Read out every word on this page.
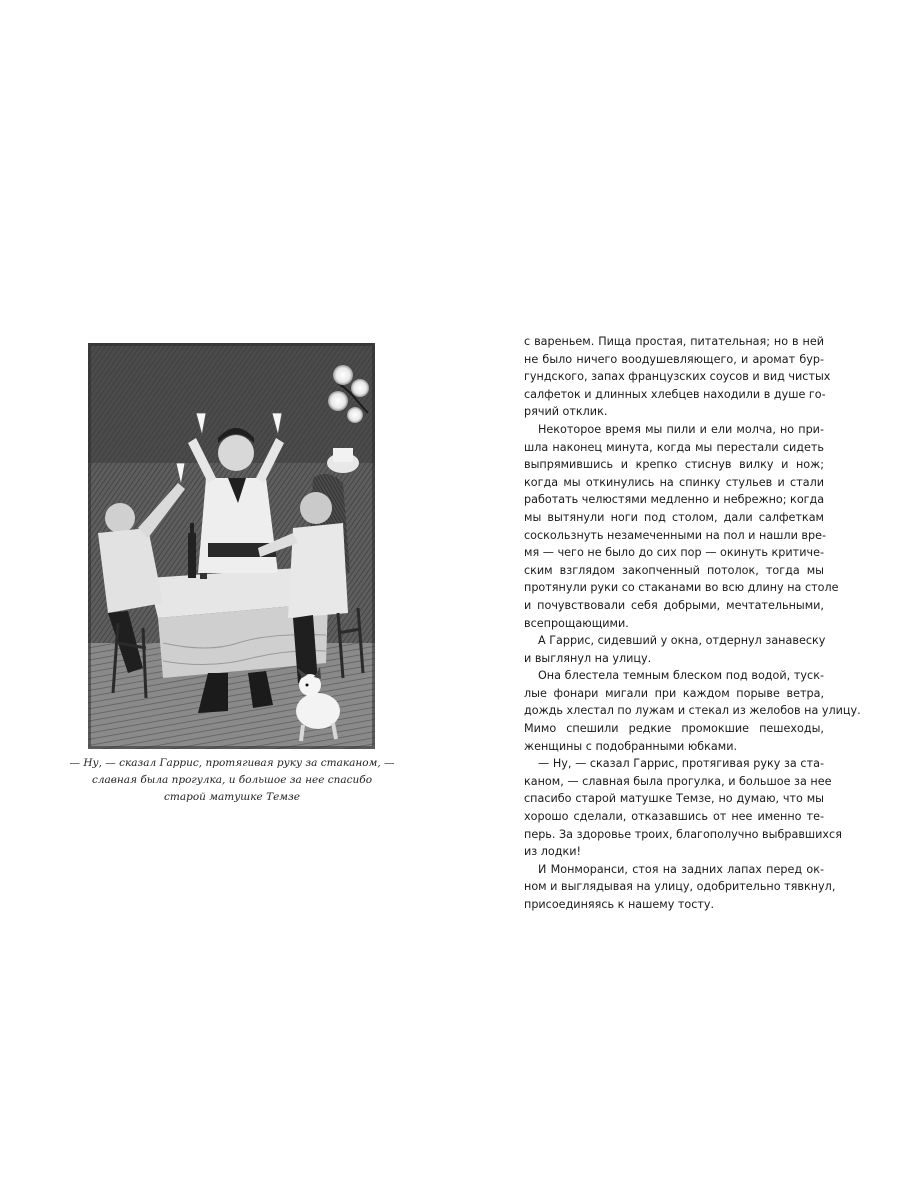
— Ну, — сказал Гаррис, протягивая руку за стаканом, —
славная была прогулка, и большое за нее спасибо
старой матушке Темзе

с вареньем. Пища простая, питательная; но в ней
не было ничего воодушевляющего, и аромат бур-
гундского, запах французских соусов и вид чистых
салфеток и длинных хлебцев находили в душе го-
рячий отклик.

Некоторое время мы пили и ели молча, но при-
шла наконец минута, когда мы перестали сидеть
выпрямившись и крепко стиснув вилку и нож;
когда мы откинулись на спинку стульев и стали
работать челюстями медленно и небрежно; когда
мы вытянули ноги под столом, дали салфеткам
соскользнуть незамеченными на пол и нашли вре-
мя — чего не было до сих пор — окинуть критиче-
ским взглядом закопченный потолок, тогда мы
протянули руки со стаканами во всю длину на столе
и почувствовали себя добрыми, мечтательными,
всепрощающими.

А Гаррис, сидевший у окна, отдернул занавеску
и выглянул на улицу.

Она блестела темным блеском под водой, туск-
лые фонари мигали при каждом порыве ветра,
дождь хлестал по лужам и стекал из желобов на улицу.
Мимо спешили редкие промокшие пешеходы,
женщины с подобранными юбками.

— Ну, — сказал Гаррис, протягивая руку за ста-
каном, — славная была прогулка, и большое за нее
спасибо старой матушке Темзе, но думаю, что мы
хорошо сделали, отказавшись от нее именно те-
перь. За здоровье троих, благополучно выбравшихся
из лодки!

И Монморанси, стоя на задних лапах перед ок-
ном и выглядывая на улицу, одобрительно тявкнул,
присоединяясь к нашему тосту.
